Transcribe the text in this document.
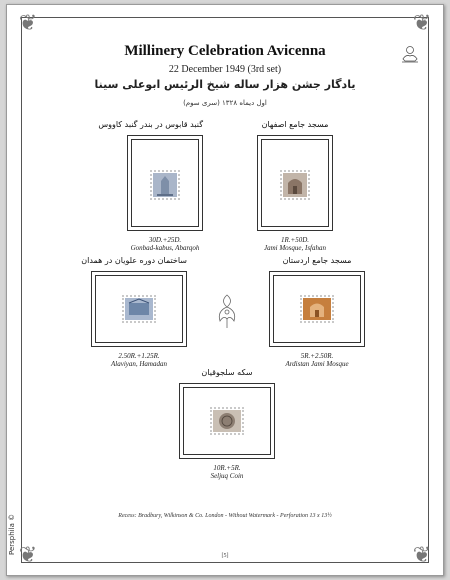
❦	❦
❦	❦
Persphila ©
Millinery Celebration Avicenna
22 December 1949 (3rd set)
یادگار جشن هزار ساله شیخ الرئیس ابوعلی سینا
اول دیماه ۱۳۲۸ (سری سوم)
گنبد قابوس در بندر گنبد کاووس
30D.+25D.
Gonbad-kabus, Abarqoh
مسجد جامع اصفهان
1R.+50D.
Jami Mosque, Isfahan
ساختمان دوره علویان در همدان
2.50R.+1.25R.
Alaviyan, Hamadan
مسجد جامع اردستان
5R.+2.50R.
Ardistan Jami Mosque
سکه سلجوقیان
10R.+5R.
Seljuq Coin
Recess: Bradbury, Wilkinson & Co. London - Without Watermark - Perforation 13 x 13½
[5]
